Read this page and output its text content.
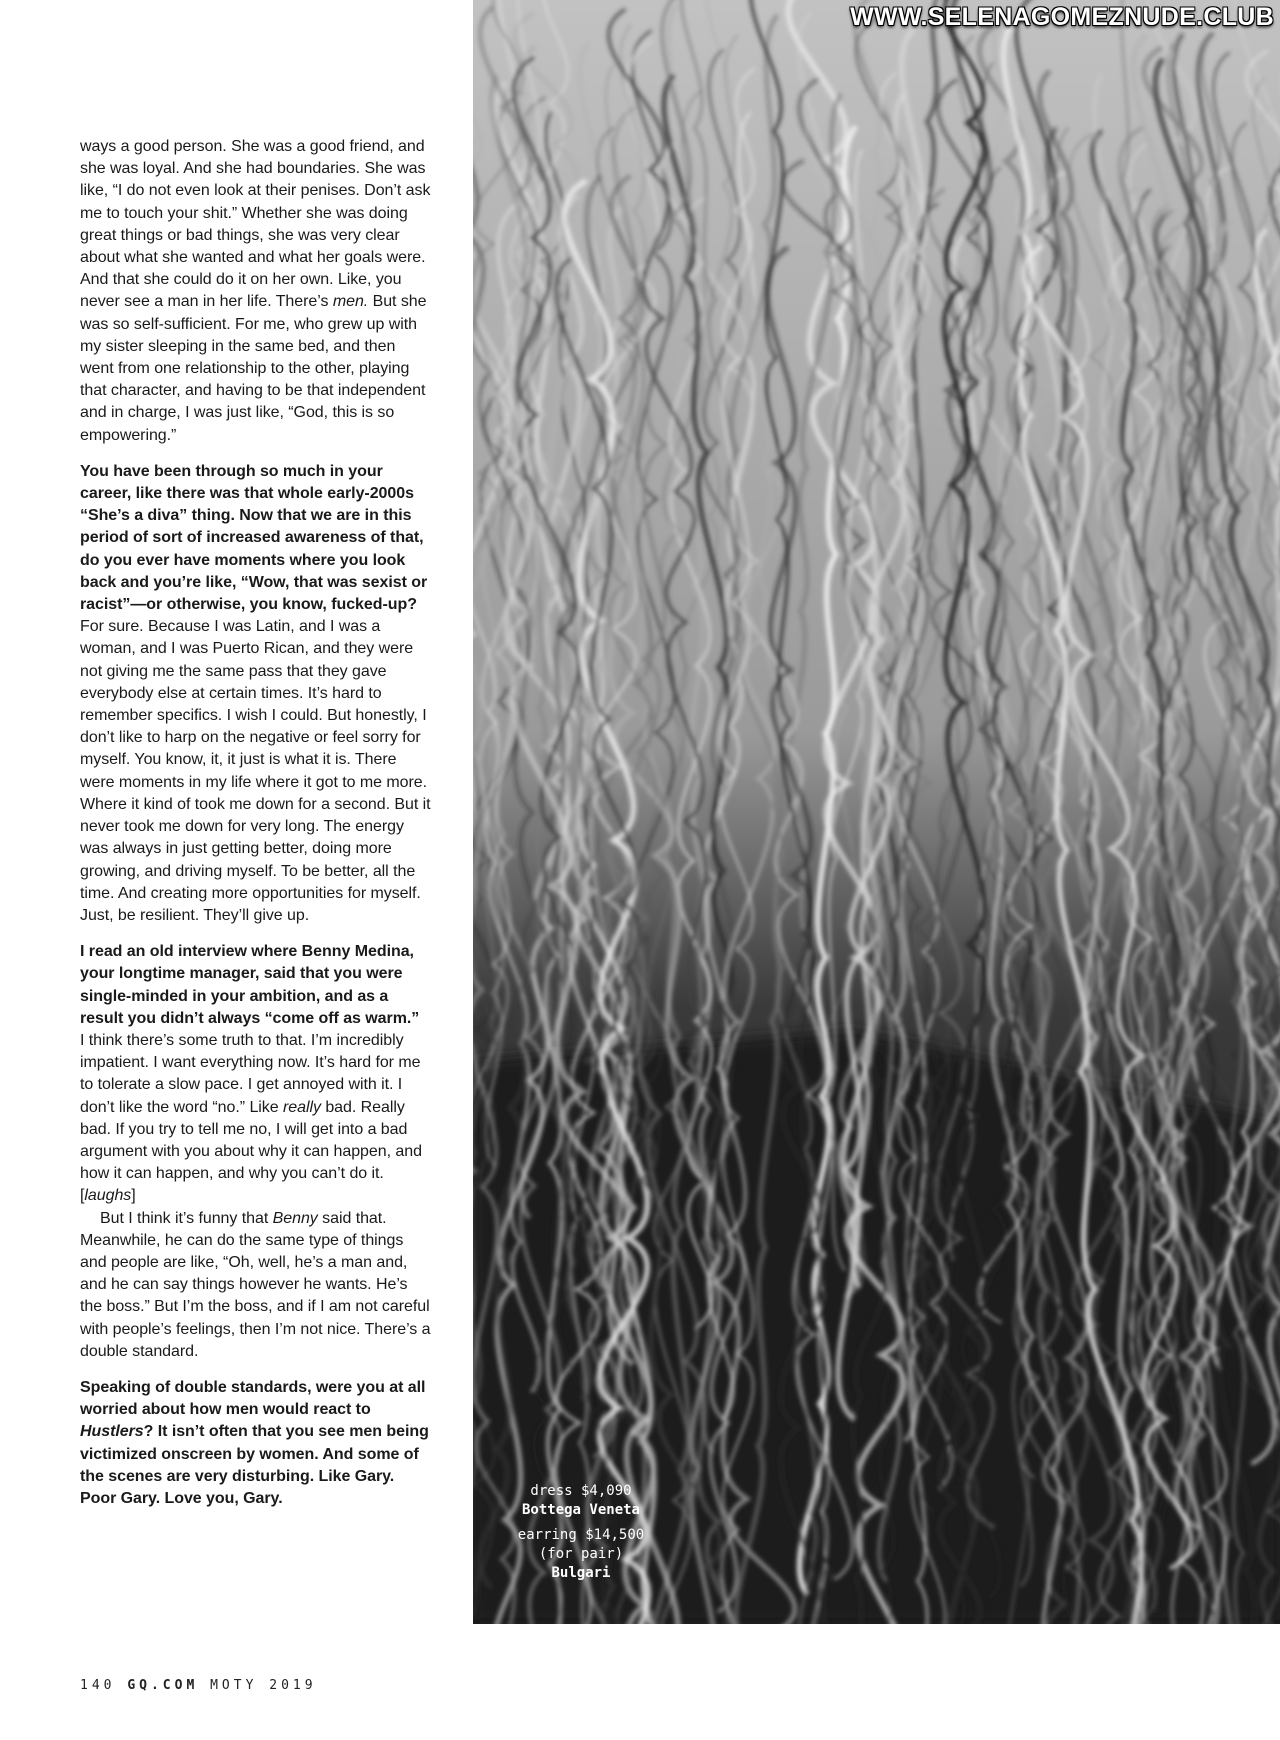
ways a good person. She was a good friend, and she was loyal. And she had boundaries. She was like, “I do not even look at their penises. Don’t ask me to touch your shit.” Whether she was doing great things or bad things, she was very clear about what she wanted and what her goals were. And that she could do it on her own. Like, you never see a man in her life. There’s men. But she was so self-sufficient. For me, who grew up with my sister sleeping in the same bed, and then went from one relationship to the other, playing that character, and having to be that independent and in charge, I was just like, “God, this is so empowering.”

You have been through so much in your career, like there was that whole early-2000s “She’s a diva” thing. Now that we are in this period of sort of increased awareness of that, do you ever have moments where you look back and you’re like, “Wow, that was sexist or racist”—or otherwise, you know, fucked-up?

For sure. Because I was Latin, and I was a woman, and I was Puerto Rican, and they were not giving me the same pass that they gave everybody else at certain times. It’s hard to remember specifics. I wish I could. But honestly, I don’t like to harp on the negative or feel sorry for myself. You know, it, it just is what it is. There were moments in my life where it got to me more. Where it kind of took me down for a second. But it never took me down for very long. The energy was always in just getting better, doing more growing, and driving myself. To be better, all the time. And creating more opportunities for myself. Just, be resilient. They’ll give up.

I read an old interview where Benny Medina, your longtime manager, said that you were single-minded in your ambition, and as a result you didn’t always “come off as warm.”

I think there’s some truth to that. I’m incredibly impatient. I want everything now. It’s hard for me to tolerate a slow pace. I get annoyed with it. I don’t like the word “no.” Like really bad. Really bad. If you try to tell me no, I will get into a bad argument with you about why it can happen, and how it can happen, and why you can’t do it. [laughs]

But I think it’s funny that Benny said that. Meanwhile, he can do the same type of things and people are like, “Oh, well, he’s a man and, and he can say things however he wants. He’s the boss.” But I’m the boss, and if I am not careful with people’s feelings, then I’m not nice. There’s a double standard.

Speaking of double standards, were you at all worried about how men would react to Hustlers? It isn’t often that you see men being victimized onscreen by women. And some of the scenes are very disturbing. Like Gary. Poor Gary. Love you, Gary.

WWW.SELENAGOMEZNUDE.CLUB
dress $4,090
Bottega Veneta
earring $14,500
(for pair)
Bulgari
140 GQ.COM MOTY 2019
